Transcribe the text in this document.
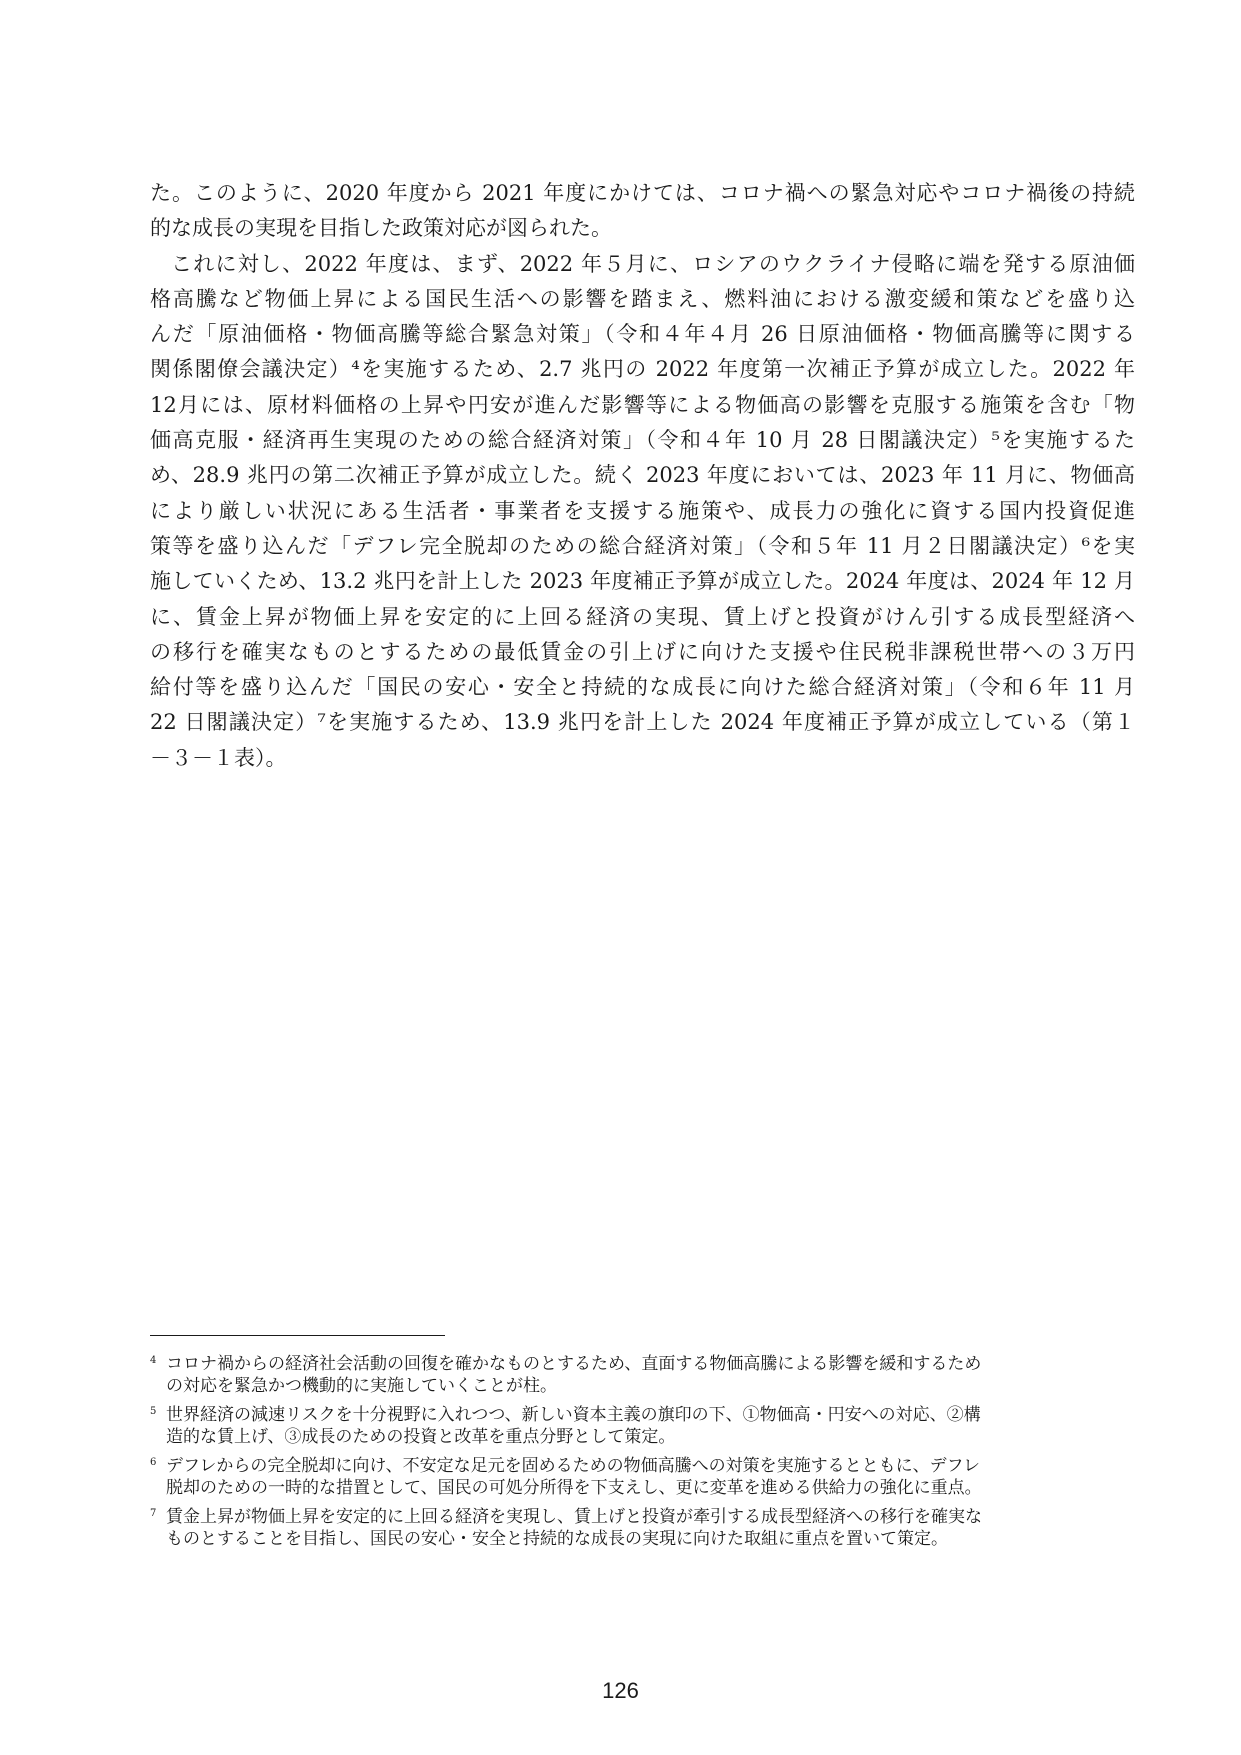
た。このように、2020 年度から 2021 年度にかけては、コロナ禍への緊急対応やコロナ禍後の持続
的な成長の実現を目指した政策対応が図られた。
これに対し、2022 年度は、まず、2022 年５月に、ロシアのウクライナ侵略に端を発する原油価
格高騰など物価上昇による国民生活への影響を踏まえ、燃料油における激変緩和策などを盛り込
んだ「原油価格・物価高騰等総合緊急対策」（令和４年４月 26 日原油価格・物価高騰等に関する
関係閣僚会議決定）⁴を実施するため、2.7 兆円の 2022 年度第一次補正予算が成立した。2022 年
12月には、原材料価格の上昇や円安が進んだ影響等による物価高の影響を克服する施策を含む「物
価高克服・経済再生実現のための総合経済対策」（令和４年 10 月 28 日閣議決定）⁵を実施するた
め、28.9 兆円の第二次補正予算が成立した。続く 2023 年度においては、2023 年 11 月に、物価高
により厳しい状況にある生活者・事業者を支援する施策や、成長力の強化に資する国内投資促進
策等を盛り込んだ「デフレ完全脱却のための総合経済対策」（令和５年 11 月２日閣議決定）⁶を実
施していくため、13.2 兆円を計上した 2023 年度補正予算が成立した。2024 年度は、2024 年 12 月
に、賃金上昇が物価上昇を安定的に上回る経済の実現、賃上げと投資がけん引する成長型経済へ
の移行を確実なものとするための最低賃金の引上げに向けた支援や住民税非課税世帯への３万円
給付等を盛り込んだ「国民の安心・安全と持続的な成長に向けた総合経済対策」（令和６年 11 月
22 日閣議決定）⁷を実施するため、13.9 兆円を計上した 2024 年度補正予算が成立している（第１
－３－１表）。
4 コロナ禍からの経済社会活動の回復を確かなものとするため、直面する物価高騰による影響を緩和するため
の対応を緊急かつ機動的に実施していくことが柱。
5 世界経済の減速リスクを十分視野に入れつつ、新しい資本主義の旗印の下、①物価高・円安への対応、②構
造的な賃上げ、③成長のための投資と改革を重点分野として策定。
6 デフレからの完全脱却に向け、不安定な足元を固めるための物価高騰への対策を実施するとともに、デフレ
脱却のための一時的な措置として、国民の可処分所得を下支えし、更に変革を進める供給力の強化に重点。
7 賃金上昇が物価上昇を安定的に上回る経済を実現し、賃上げと投資が牽引する成長型経済への移行を確実な
ものとすることを目指し、国民の安心・安全と持続的な成長の実現に向けた取組に重点を置いて策定。
126
